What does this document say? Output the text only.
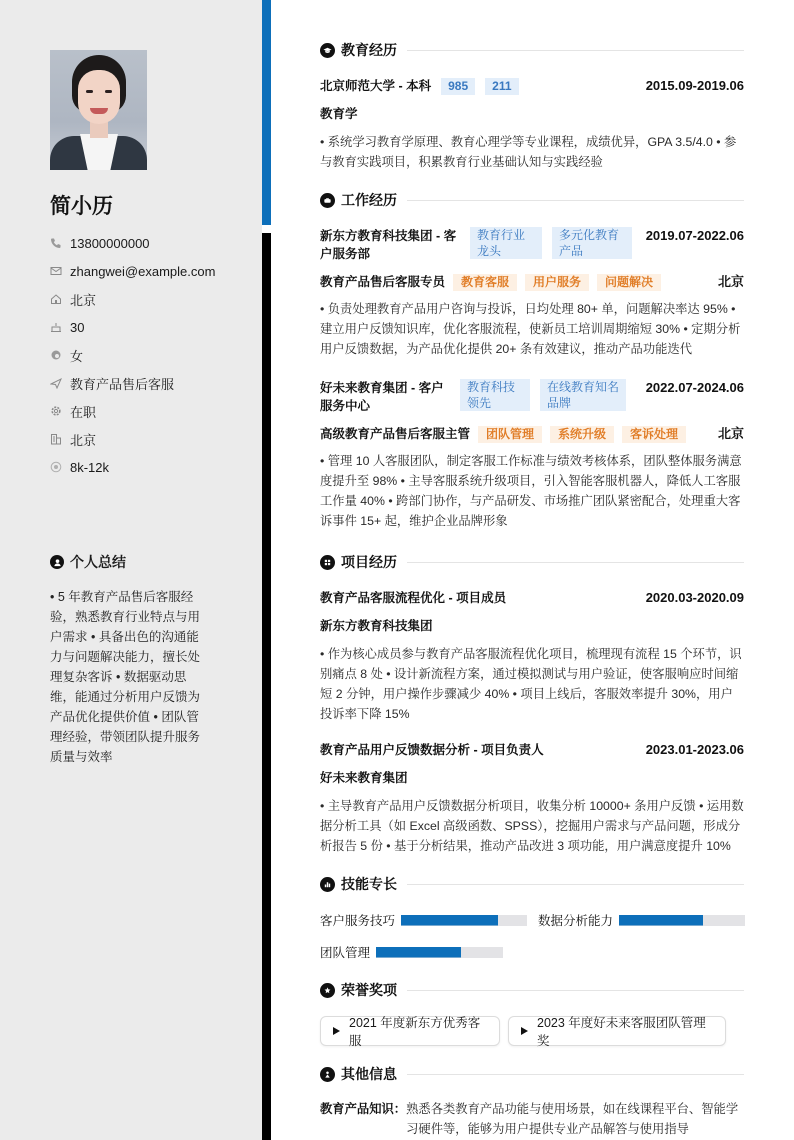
简小历
13800000000
zhangwei@example.com
北京
30
女
教育产品售后客服
在职
北京
8k-12k
个人总结
• 5 年教育产品售后客服经验，熟悉教育行业特点与用户需求 • 具备出色的沟通能力与问题解决能力，擅长处理复杂客诉 • 数据驱动思维，能通过分析用户反馈为产品优化提供价值 • 团队管理经验，带领团队提升服务质量与效率
教育经历
北京师范大学 - 本科 985 211	2015.09-2019.06
教育学
• 系统学习教育学原理、教育心理学等专业课程，成绩优异，GPA 3.5/4.0 • 参与教育实践项目，积累教育行业基础认知与实践经验
工作经历
新东方教育科技集团 - 客户服务部
教育行业龙头
多元化教育产品
2019.07-2022.06
教育产品售后客服专员 教育客服 用户服务 问题解决	北京
• 负责处理教育产品用户咨询与投诉，日均处理 80+ 单，问题解决率达 95% • 建立用户反馈知识库，优化客服流程，使新员工培训周期缩短 30% • 定期分析用户反馈数据，为产品优化提供 20+ 条有效建议，推动产品功能迭代
好未来教育集团 - 客户服务中心
教育科技领先
在线教育知名品牌
2022.07-2024.06
高级教育产品售后客服主管 团队管理 系统升级 客诉处理	北京
• 管理 10 人客服团队，制定客服工作标准与绩效考核体系，团队整体服务满意度提升至 98% • 主导客服系统升级项目，引入智能客服机器人，降低人工客服工作量 40% • 跨部门协作，与产品研发、市场推广团队紧密配合，处理重大客诉事件 15+ 起，维护企业品牌形象
项目经历
教育产品客服流程优化 - 项目成员	2020.03-2020.09
新东方教育科技集团
• 作为核心成员参与教育产品客服流程优化项目，梳理现有流程 15 个环节，识别痛点 8 处 • 设计新流程方案，通过模拟测试与用户验证，使客服响应时间缩短 2 分钟，用户操作步骤减少 40% • 项目上线后，客服效率提升 30%，用户投诉率下降 15%
教育产品用户反馈数据分析 - 项目负责人	2023.01-2023.06
好未来教育集团
• 主导教育产品用户反馈数据分析项目，收集分析 10000+ 条用户反馈 • 运用数据分析工具（如 Excel 高级函数、SPSS），挖掘用户需求与产品问题，形成分析报告 5 份 • 基于分析结果，推动产品改进 3 项功能，用户满意度提升 10%
技能专长
客户服务技巧	数据分析能力
团队管理
荣誉奖项
2021 年度新东方优秀客服
2023 年度好未来客服团队管理奖
其他信息
教育产品知识： 熟悉各类教育产品功能与使用场景，如在线课程平台、智能学习硬件等，能够为用户提供专业产品解答与使用指导
